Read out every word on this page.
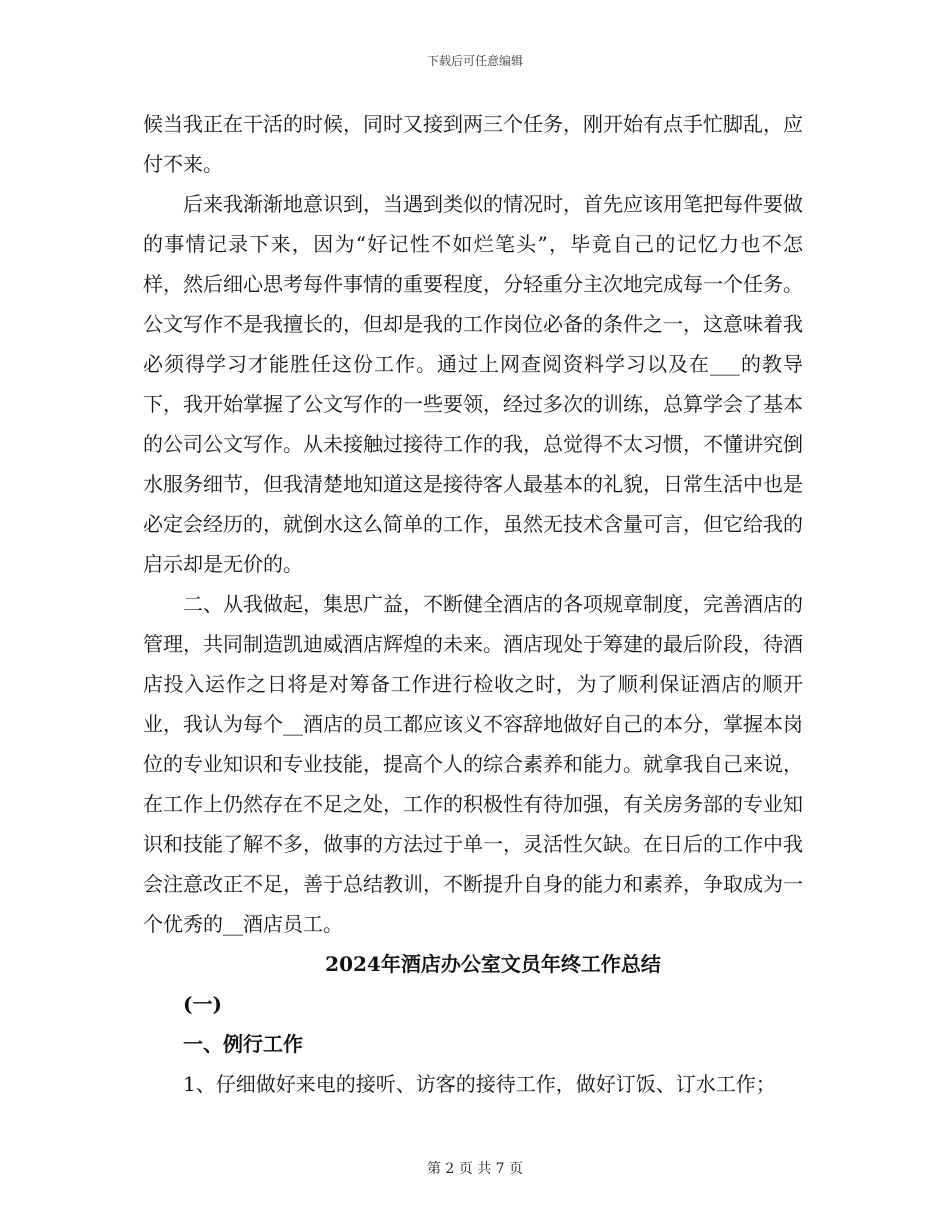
下载后可任意编辑

候当我正在干活的时候，同时又接到两三个任务，刚开始有点手忙脚乱，应付不来。

后来我渐渐地意识到，当遇到类似的情况时，首先应该用笔把每件要做的事情记录下来，因为“好记性不如烂笔头”，毕竟自己的记忆力也不怎样，然后细心思考每件事情的重要程度，分轻重分主次地完成每一个任务。公文写作不是我擅长的，但却是我的工作岗位必备的条件之一，这意味着我必须得学习才能胜任这份工作。通过上网查阅资料学习以及在___的教导下，我开始掌握了公文写作的一些要领，经过多次的训练，总算学会了基本的公司公文写作。从未接触过接待工作的我，总觉得不太习惯，不懂讲究倒水服务细节，但我清楚地知道这是接待客人最基本的礼貌，日常生活中也是必定会经历的，就倒水这么简单的工作，虽然无技术含量可言，但它给我的启示却是无价的。

二、从我做起，集思广益，不断健全酒店的各项规章制度，完善酒店的管理，共同制造凯迪威酒店辉煌的未来。酒店现处于筹建的最后阶段，待酒店投入运作之日将是对筹备工作进行检收之时，为了顺利保证酒店的顺开业，我认为每个__酒店的员工都应该义不容辞地做好自己的本分，掌握本岗位的专业知识和专业技能，提高个人的综合素养和能力。就拿我自己来说，在工作上仍然存在不足之处，工作的积极性有待加强，有关房务部的专业知识和技能了解不多，做事的方法过于单一，灵活性欠缺。在日后的工作中我会注意改正不足，善于总结教训，不断提升自身的能力和素养，争取成为一个优秀的__酒店员工。

2024年酒店办公室文员年终工作总结

(一)

一、例行工作

1、仔细做好来电的接听、访客的接待工作，做好订饭、订水工作；

第 2 页 共 7 页
